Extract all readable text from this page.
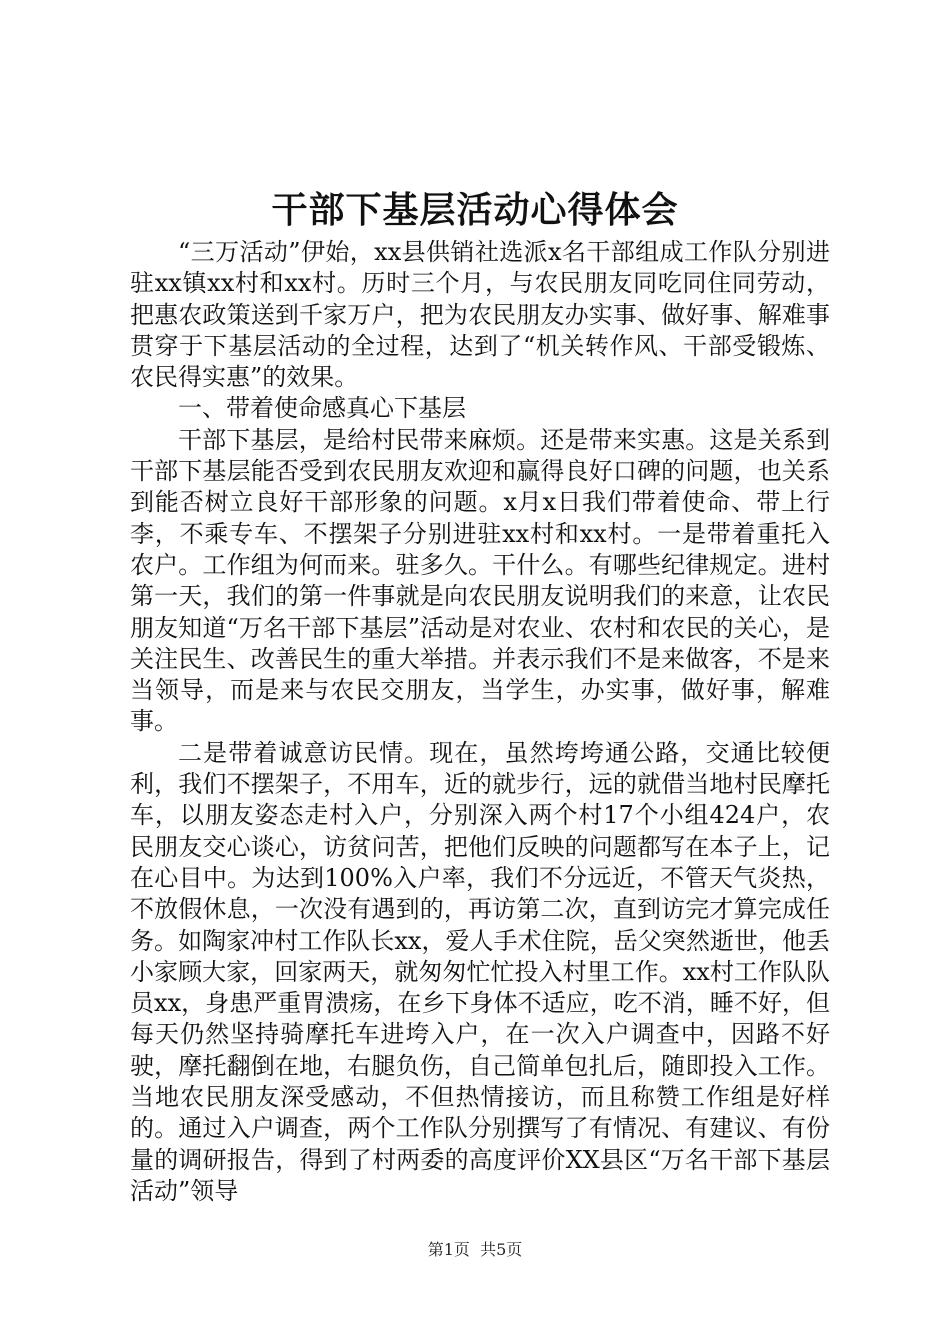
干部下基层活动心得体会

“三万活动”伊始，xx县供销社选派x名干部组成工作队分别进驻xx镇xx村和xx村。历时三个月，与农民朋友同吃同住同劳动，把惠农政策送到千家万户，把为农民朋友办实事、做好事、解难事贯穿于下基层活动的全过程，达到了“机关转作风、干部受锻炼、农民得实惠”的效果。

一、带着使命感真心下基层

干部下基层，是给村民带来麻烦。还是带来实惠。这是关系到干部下基层能否受到农民朋友欢迎和赢得良好口碑的问题，也关系到能否树立良好干部形象的问题。x月x日我们带着使命、带上行李，不乘专车、不摆架子分别进驻xx村和xx村。一是带着重托入农户。工作组为何而来。驻多久。干什么。有哪些纪律规定。进村第一天，我们的第一件事就是向农民朋友说明我们的来意，让农民朋友知道“万名干部下基层”活动是对农业、农村和农民的关心，是关注民生、改善民生的重大举措。并表示我们不是来做客，不是来当领导，而是来与农民交朋友，当学生，办实事，做好事，解难事。

二是带着诚意访民情。现在，虽然垮垮通公路，交通比较便利，我们不摆架子，不用车，近的就步行，远的就借当地村民摩托车，以朋友姿态走村入户，分别深入两个村17个小组424户，农民朋友交心谈心，访贫问苦，把他们反映的问题都写在本子上，记在心目中。为达到100%入户率，我们不分远近，不管天气炎热，不放假休息，一次没有遇到的，再访第二次，直到访完才算完成任务。如陶家冲村工作队长xx，爱人手术住院，岳父突然逝世，他丢小家顾大家，回家两天，就匆匆忙忙投入村里工作。xx村工作队队员xx，身患严重胃溃疡，在乡下身体不适应，吃不消，睡不好，但每天仍然坚持骑摩托车进垮入户，在一次入户调查中，因路不好驶，摩托翻倒在地，右腿负伤，自己简单包扎后，随即投入工作。当地农民朋友深受感动，不但热情接访，而且称赞工作组是好样的。通过入户调查，两个工作队分别撰写了有情况、有建议、有份量的调研报告，得到了村两委的高度评价XX县区“万名干部下基层活动”领导

第1页  共5页
